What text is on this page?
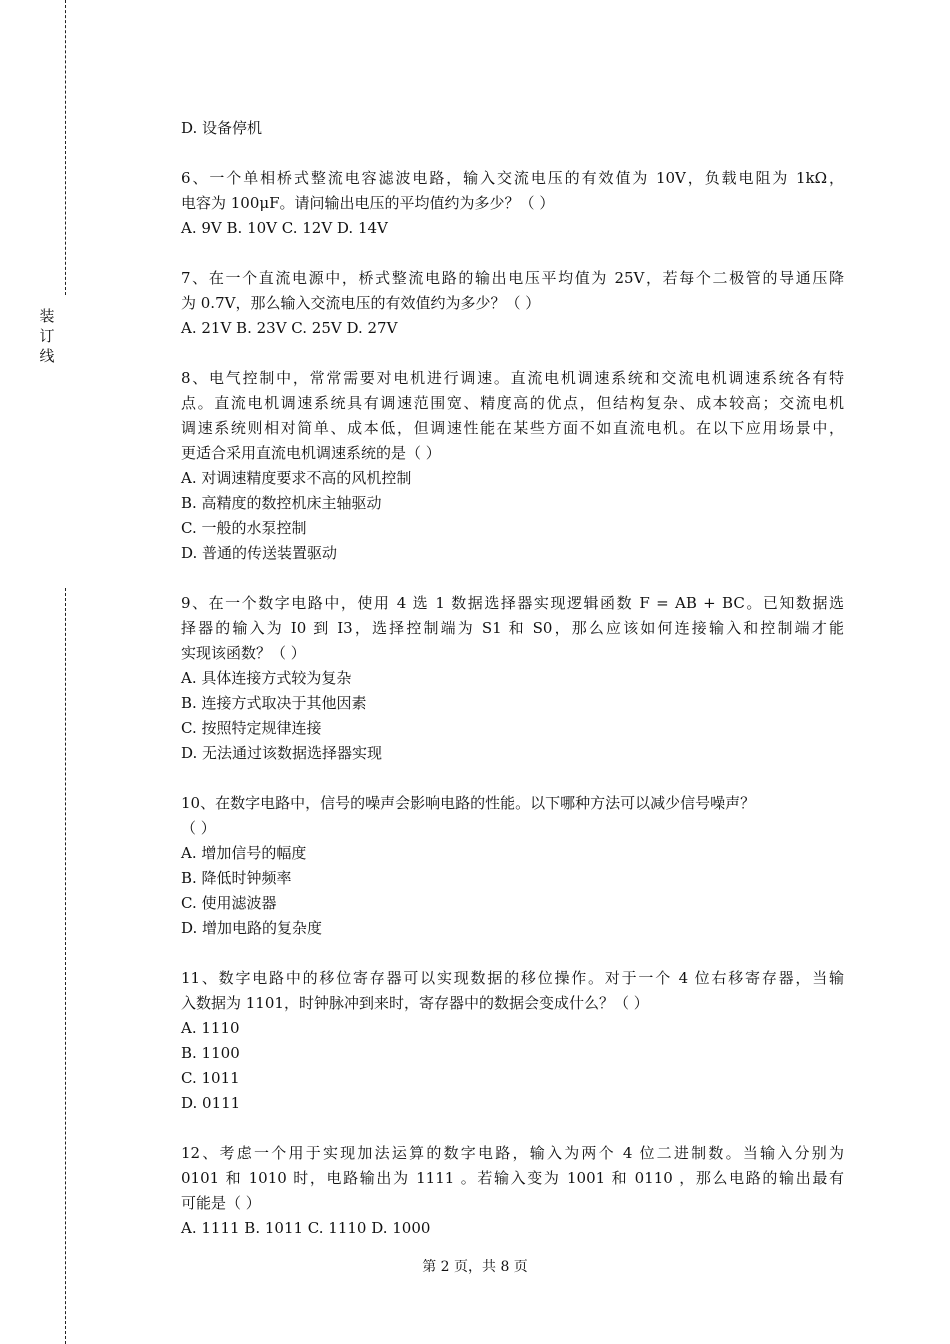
装订线
D. 设备停机
6、一个单相桥式整流电容滤波电路，输入交流电压的有效值为 10V，负载电阻为 1kΩ，
电容为 100μF。请问输出电压的平均值约为多少？（ ）
A. 9V B. 10V C. 12V D. 14V
7、在一个直流电源中，桥式整流电路的输出电压平均值为 25V，若每个二极管的导通压降
为 0.7V，那么输入交流电压的有效值约为多少？（ ）
A. 21V B. 23V C. 25V D. 27V
8、电气控制中，常常需要对电机进行调速。直流电机调速系统和交流电机调速系统各有特
点。直流电机调速系统具有调速范围宽、精度高的优点，但结构复杂、成本较高；交流电机
调速系统则相对简单、成本低，但调速性能在某些方面不如直流电机。在以下应用场景中，
更适合采用直流电机调速系统的是（ ）
A. 对调速精度要求不高的风机控制
B. 高精度的数控机床主轴驱动
C. 一般的水泵控制
D. 普通的传送装置驱动
9、在一个数字电路中，使用 4 选 1 数据选择器实现逻辑函数 F = AB + BC。已知数据选
择器的输入为 I0 到 I3，选择控制端为 S1 和 S0，那么应该如何连接输入和控制端才能
实现该函数？（ ）
A. 具体连接方式较为复杂
B. 连接方式取决于其他因素
C. 按照特定规律连接
D. 无法通过该数据选择器实现
10、在数字电路中，信号的噪声会影响电路的性能。以下哪种方法可以减少信号噪声？
（ ）
A. 增加信号的幅度
B. 降低时钟频率
C. 使用滤波器
D. 增加电路的复杂度
11、数字电路中的移位寄存器可以实现数据的移位操作。对于一个 4 位右移寄存器，当输
入数据为 1101，时钟脉冲到来时，寄存器中的数据会变成什么？（ ）
A. 1110
B. 1100
C. 1011
D. 0111
12、考虑一个用于实现加法运算的数字电路，输入为两个 4 位二进制数。当输入分别为
0101 和 1010 时，电路输出为 1111 。若输入变为 1001 和 0110 ，那么电路的输出最有
可能是（ ）
A. 1111 B. 1011 C. 1110 D. 1000
第 2 页，共 8 页
